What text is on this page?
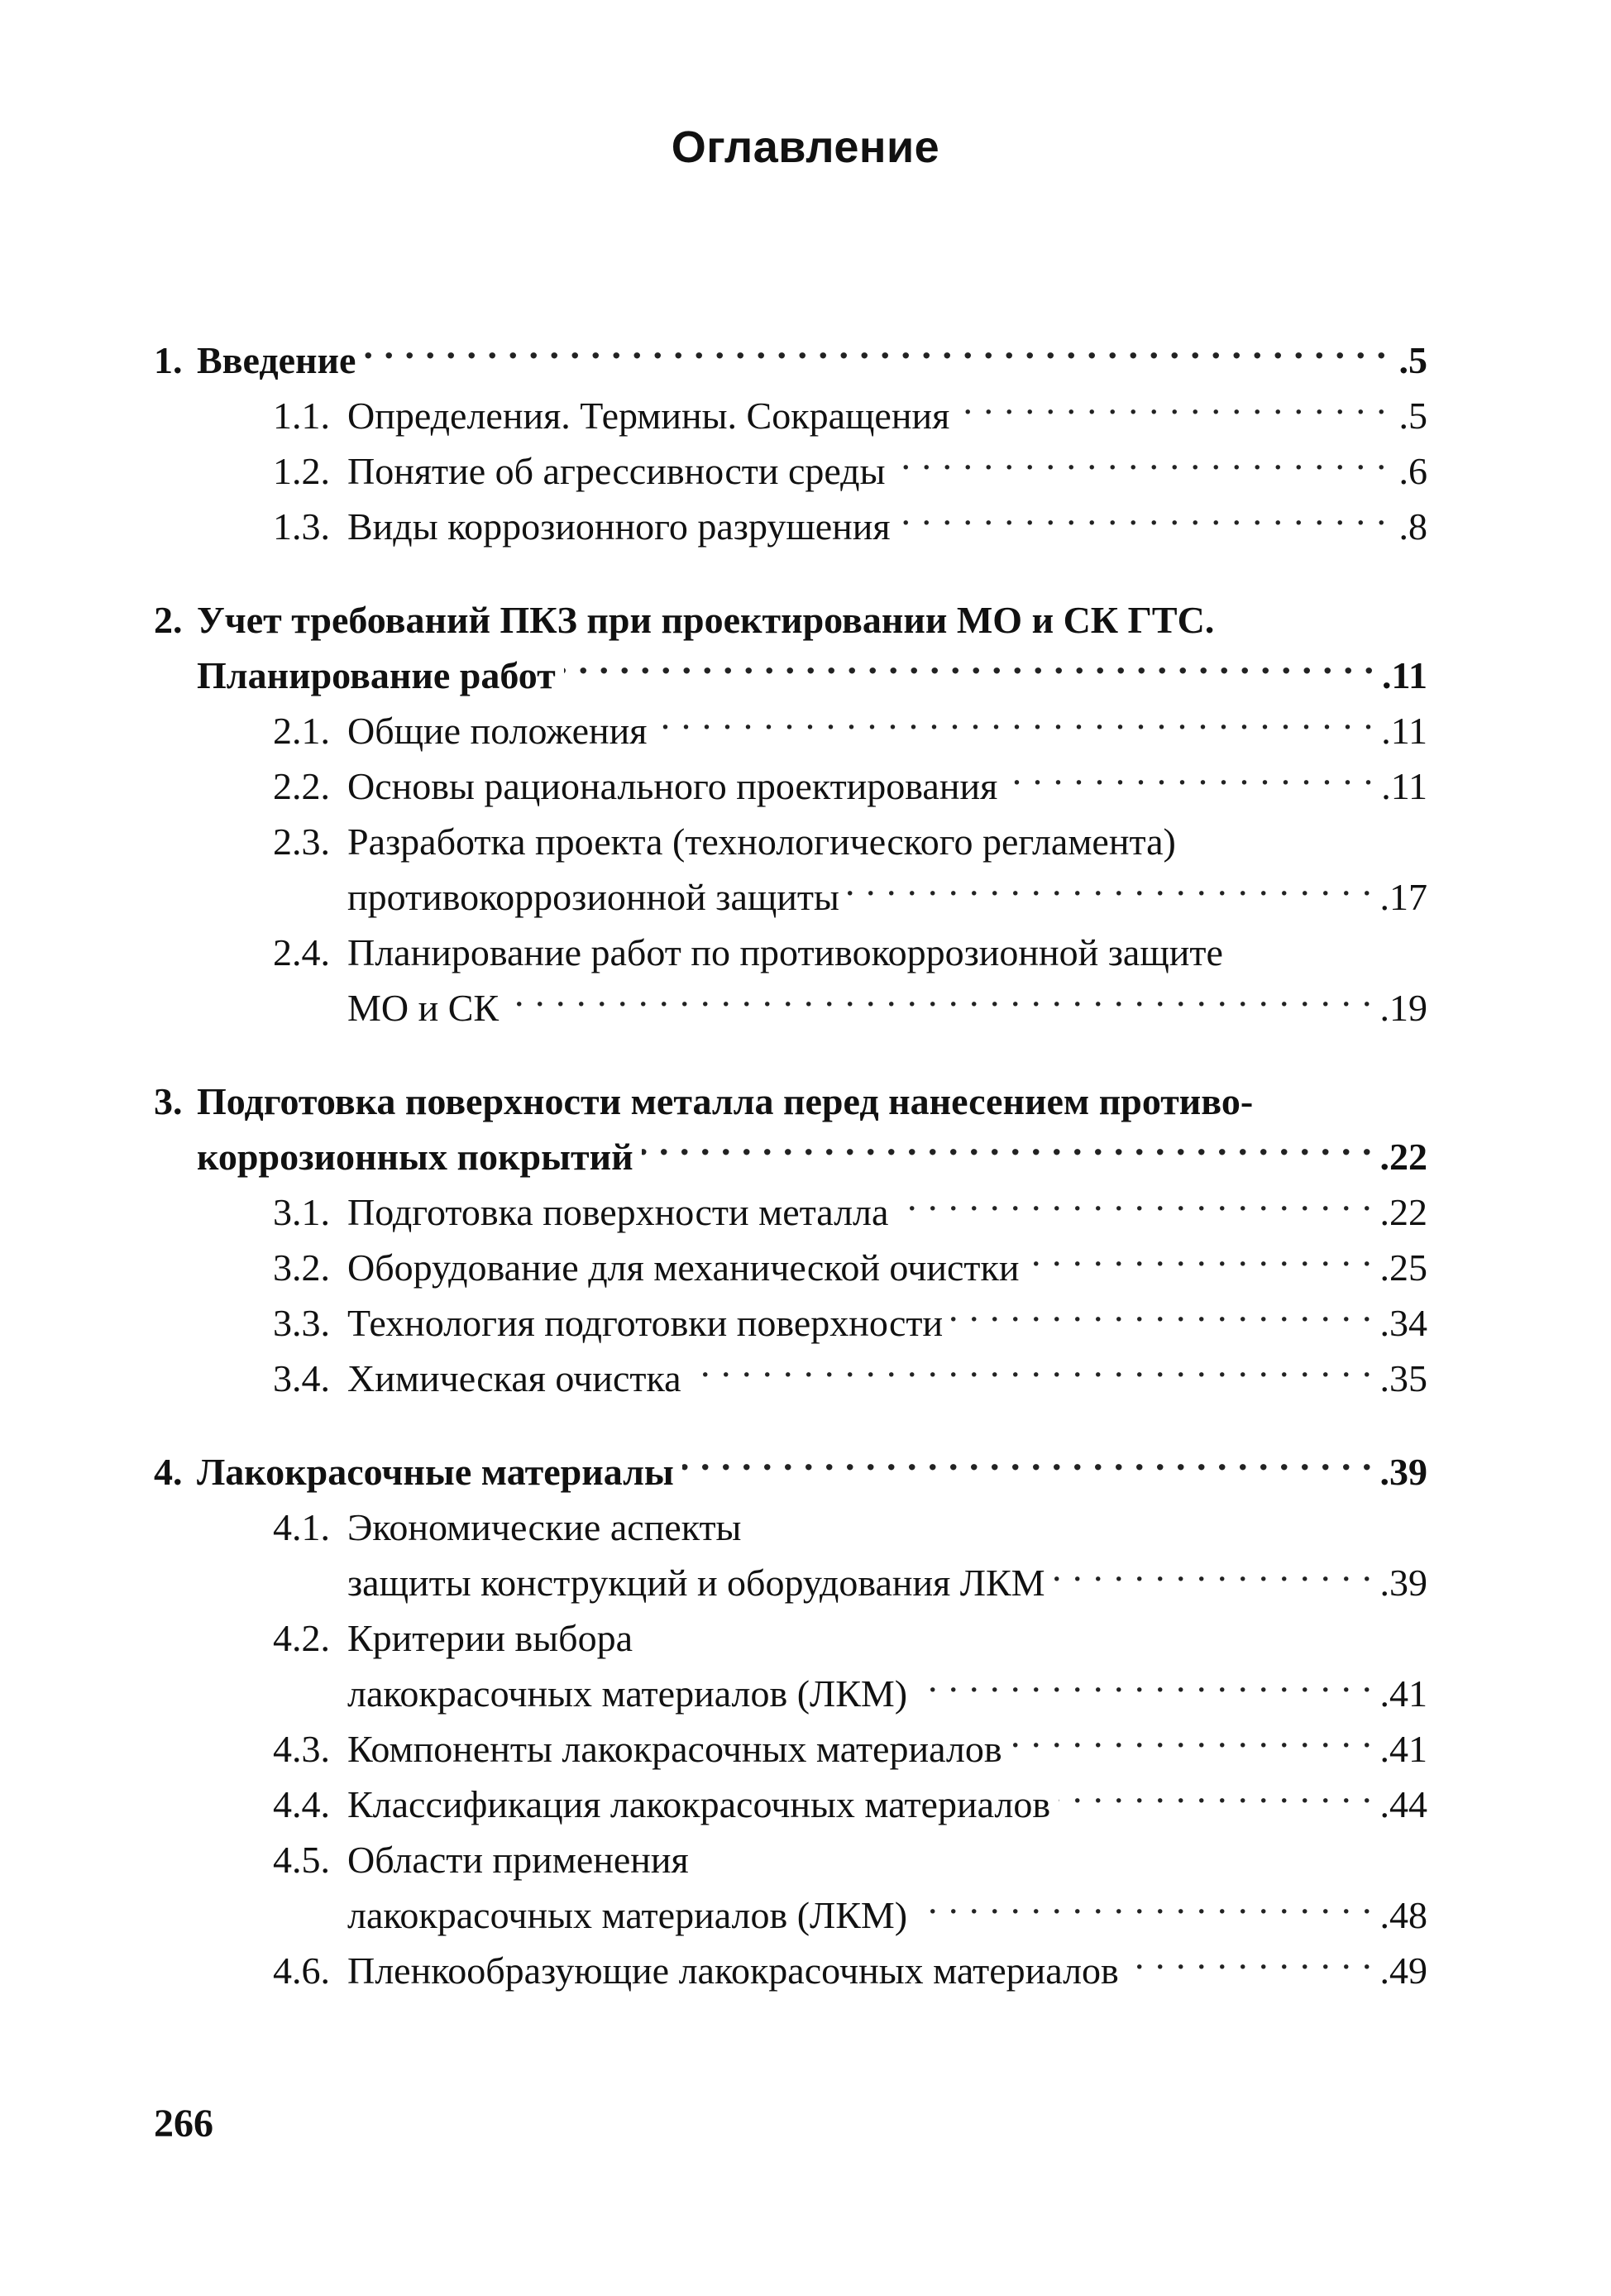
Оглавление
1. Введение . . .	.5
1.1. Определения. Термины. Сокращения . . .	.5
1.2. Понятие об агрессивности среды . . .	.6
1.3. Виды коррозионного разрушения . . .	.8
2. Учет требований ПКЗ при проектировании МО и СК ГТС.
Планирование работ . . .	.11
2.1. Общие положения . . .	.11
2.2. Основы рационального проектирования . . .	.11
2.3. Разработка проекта (технологического регламента)
противокоррозионной защиты . . .	.17
2.4. Планирование работ по противокоррозионной защите
МО и СК . . .	.19
3. Подготовка поверхности металла перед нанесением противо-
коррозионных покрытий . . .	.22
3.1. Подготовка поверхности металла . . .	.22
3.2. Оборудование для механической очистки . . .	.25
3.3. Технология подготовки поверхности . . .	.34
3.4. Химическая очистка . . .	.35
4. Лакокрасочные материалы . . .	.39
4.1. Экономические аспекты
защиты конструкций и оборудования ЛКМ . . .	.39
4.2. Критерии выбора
лакокрасочных материалов (ЛКМ) . . .	.41
4.3. Компоненты лакокрасочных материалов . . .	.41
4.4. Классификация лакокрасочных материалов . . .	.44
4.5. Области применения
лакокрасочных материалов (ЛКМ) . . .	.48
4.6. Пленкообразующие лакокрасочных материалов . . .	.49
266
